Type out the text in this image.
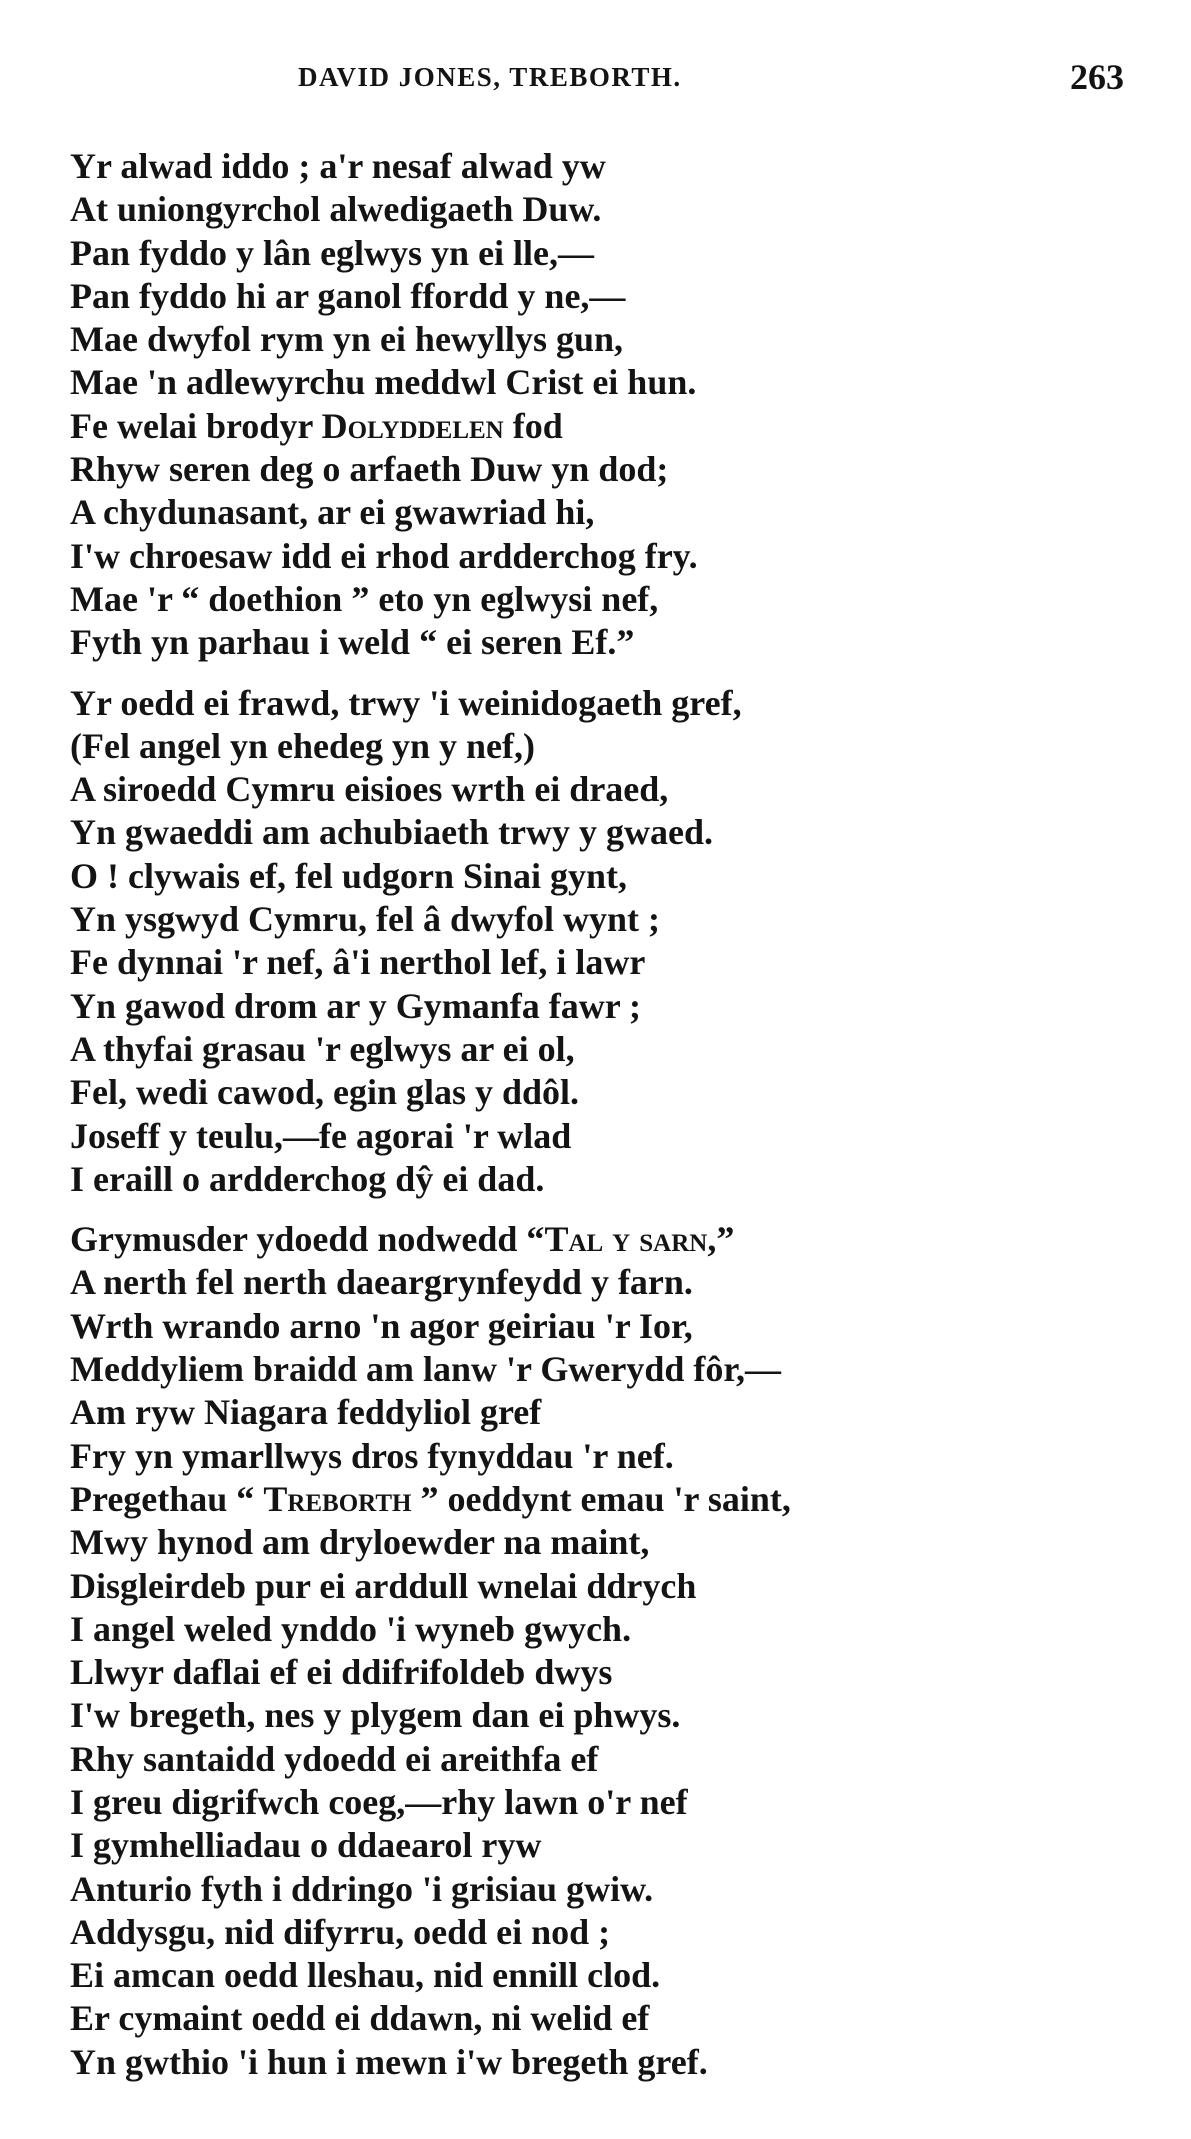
DAVID JONES, TREBORTH.	263
Yr alwad iddo ; a'r nesaf alwad yw
At uniongyrchol alwedigaeth Duw.
Pan fyddo y lân eglwys yn ei lle,—
Pan fyddo hi ar ganol ffordd y ne,—
Mae dwyfol rym yn ei hewyllys gun,
Mae 'n adlewyrchu meddwl Crist ei hun.
Fe welai brodyr Dolyddelen fod
Rhyw seren deg o arfaeth Duw yn dod;
A chydunasant, ar ei gwawriad hi,
I'w chroesaw idd ei rhod ardderchog fry.
Mae 'r “ doethion ” eto yn eglwysi nef,
Fyth yn parhau i weld “ ei seren Ef.”
Yr oedd ei frawd, trwy 'i weinidogaeth gref,
(Fel angel yn ehedeg yn y nef,)
A siroedd Cymru eisioes wrth ei draed,
Yn gwaeddi am achubiaeth trwy y gwaed.
O ! clywais ef, fel udgorn Sinai gynt,
Yn ysgwyd Cymru, fel â dwyfol wynt ;
Fe dynnai 'r nef, â'i nerthol lef, i lawr
Yn gawod drom ar y Gymanfa fawr ;
A thyfai grasau 'r eglwys ar ei ol,
Fel, wedi cawod, egin glas y ddôl.
Joseff y teulu,—fe agorai 'r wlad
I eraill o ardderchog dŷ ei dad.
Grymusder ydoedd nodwedd “Tal y sarn,”
A nerth fel nerth daeargrynfeydd y farn.
Wrth wrando arno 'n agor geiriau 'r Ior,
Meddyliem braidd am lanw 'r Gwerydd fôr,—
Am ryw Niagara feddyliol gref
Fry yn ymarllwys dros fynyddau 'r nef.
Pregethau “ Treborth ” oeddynt emau 'r saint,
Mwy hynod am dryloewder na maint,
Disgleirdeb pur ei arddull wnelai ddrych
I angel weled ynddo 'i wyneb gwych.
Llwyr daflai ef ei ddifrifoldeb dwys
I'w bregeth, nes y plygem dan ei phwys.
Rhy santaidd ydoedd ei areithfa ef
I greu digrifwch coeg,—rhy lawn o'r nef
I gymhelliadau o ddaearol ryw
Anturio fyth i ddringo 'i grisiau gwiw.
Addysgu, nid difyrru, oedd ei nod ;
Ei amcan oedd lleshau, nid ennill clod.
Er cymaint oedd ei ddawn, ni welid ef
Yn gwthio 'i hun i mewn i'w bregeth gref.
